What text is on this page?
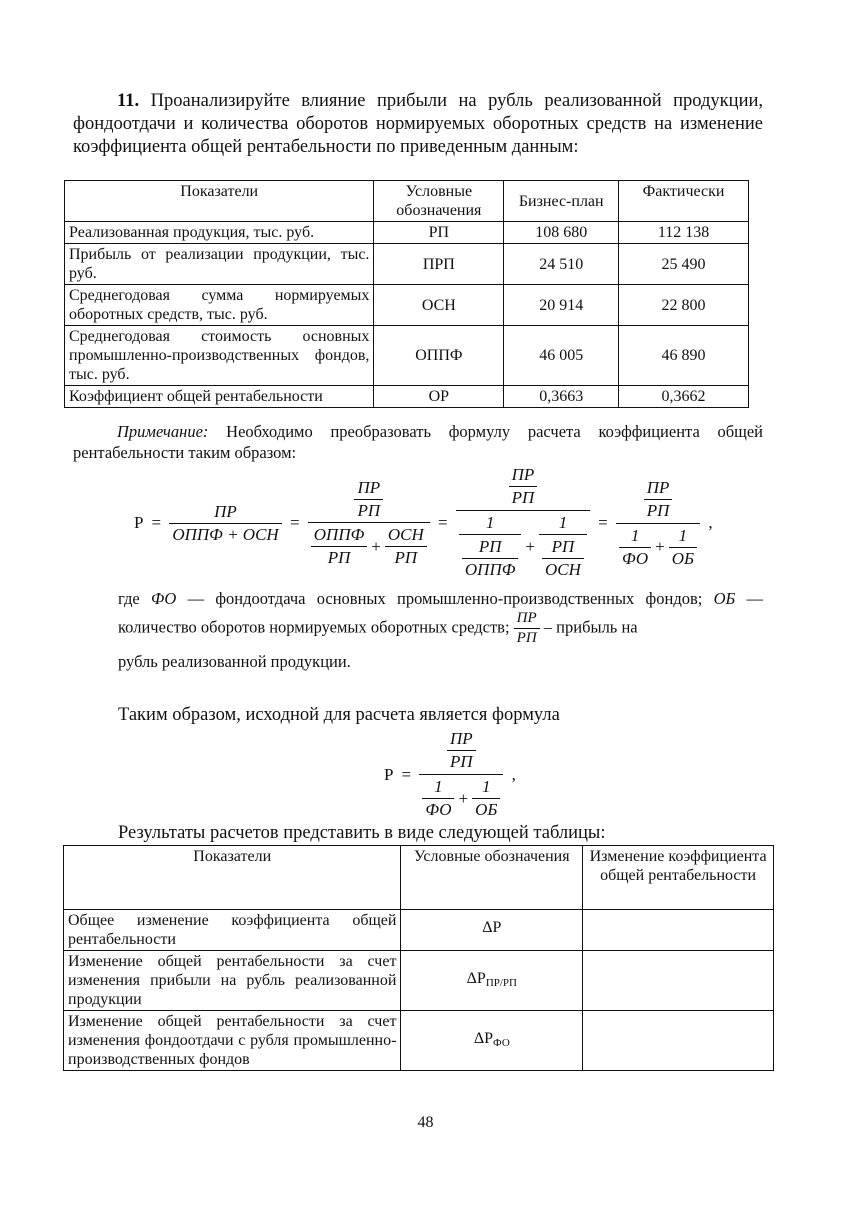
11. Проанализируйте влияние прибыли на рубль реализованной продукции, фондоотдачи и количества оборотов нормируемых оборотных средств на изменение коэффициента общей рентабельности по приведенным данным:

Показатели	Условные обозначения	Бизнес-план	Фактически
Реализованная продукция, тыс. руб.	РП	108 680	112 138
Прибыль от реализации продукции, тыс. руб.	ПРП	24 510	25 490
Среднегодовая сумма нормируемых оборотных средств, тыс. руб.	ОСН	20 914	22 800
Среднегодовая стоимость основных промышленно-производственных фондов, тыс. руб.	ОППФ	46 005	46 890
Коэффициент общей рентабельности	ОР	0,3663	0,3662

Примечание: Необходимо преобразовать формулу расчета коэффициента общей рентабельности таким образом:

$P = \frac{ПР}{\text{ОППФ + ОСН}} = \frac{\frac{ПР}{РП}}{\frac{\text{ОППФ}}{РП} + \frac{\text{ОСН}}{РП}} = \frac{\frac{ПР}{РП}}{\frac{1}{\frac{РП}{\text{ОППФ}}} + \frac{1}{\frac{РП}{\text{ОСН}}}} = \frac{\frac{ПР}{РП}}{\frac{1}{ФО} + \frac{1}{ОБ}}$ ,

где ФО — фондоотдача основных промышленно-производственных фондов; ОБ — количество оборотов нормируемых оборотных средств; $\frac{ПР}{РП}$ – прибыль на

рубль реализованной продукции.

Таким образом, исходной для расчета является формула

$P = \frac{\frac{ПР}{РП}}{\frac{1}{ФО} + \frac{1}{ОБ}}$ ,

Результаты расчетов представить в виде следующей таблицы:

Показатели	Условные обозначения	Изменение коэффициента общей рентабельности
Общее изменение коэффициента общей рентабельности	ΔР	
Изменение общей рентабельности за счет изменения прибыли на рубль реализованной продукции	$\Delta Р_{ПР/РП}$	
Изменение общей рентабельности за счет изменения фондоотдачи с рубля промышленно-производственных фондов	$\Delta Р_{ФО}$	
48
